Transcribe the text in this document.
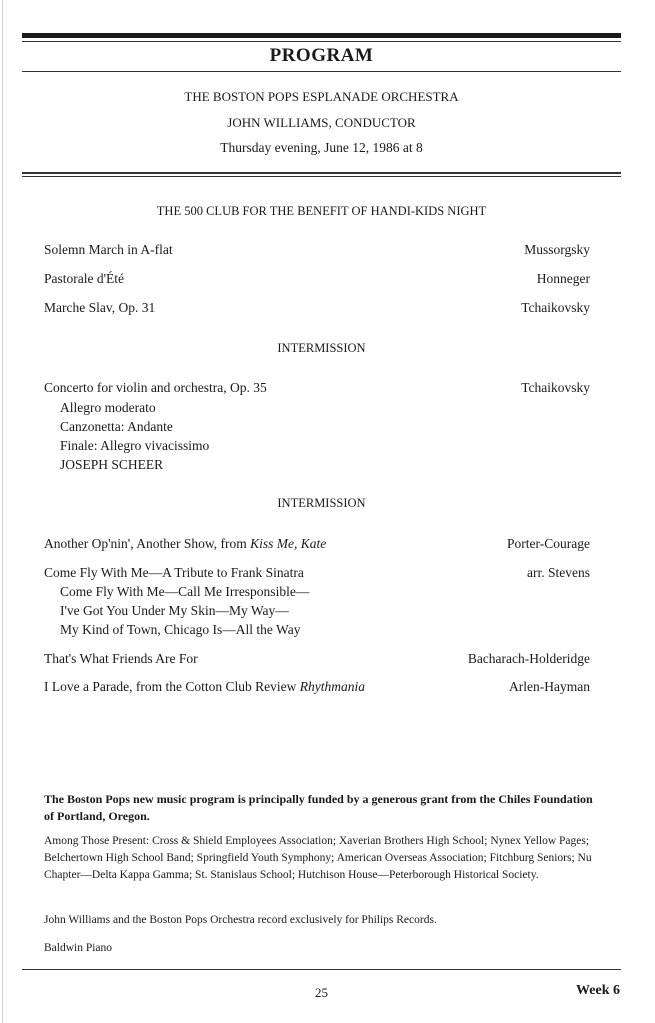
PROGRAM
THE BOSTON POPS ESPLANADE ORCHESTRA
JOHN WILLIAMS, CONDUCTOR
Thursday evening, June 12, 1986 at 8
THE 500 CLUB FOR THE BENEFIT OF HANDI-KIDS NIGHT
Solemn March in A-flat	Mussorgsky
Pastorale d'Été	Honneger
Marche Slav, Op. 31	Tchaikovsky
INTERMISSION
Concerto for violin and orchestra, Op. 35	Tchaikovsky
Allegro moderato
Canzonetta: Andante
Finale: Allegro vivacissimo
JOSEPH SCHEER
INTERMISSION
Another Op'nin', Another Show, from Kiss Me, Kate	Porter-Courage
Come Fly With Me—A Tribute to Frank Sinatra	arr. Stevens
Come Fly With Me—Call Me Irresponsible—
I've Got You Under My Skin—My Way—
My Kind of Town, Chicago Is—All the Way
That's What Friends Are For	Bacharach-Holderidge
I Love a Parade, from the Cotton Club Review Rhythmania	Arlen-Hayman
The Boston Pops new music program is principally funded by a generous grant from the Chiles Foundation of Portland, Oregon.
Among Those Present: Cross & Shield Employees Association; Xaverian Brothers High School; Nynex Yellow Pages; Belchertown High School Band; Springfield Youth Symphony; American Overseas Association; Fitchburg Seniors; Nu Chapter—Delta Kappa Gamma; St. Stanislaus School; Hutchison House—Peterborough Historical Society.
John Williams and the Boston Pops Orchestra record exclusively for Philips Records.
Baldwin Piano
25	Week 6
